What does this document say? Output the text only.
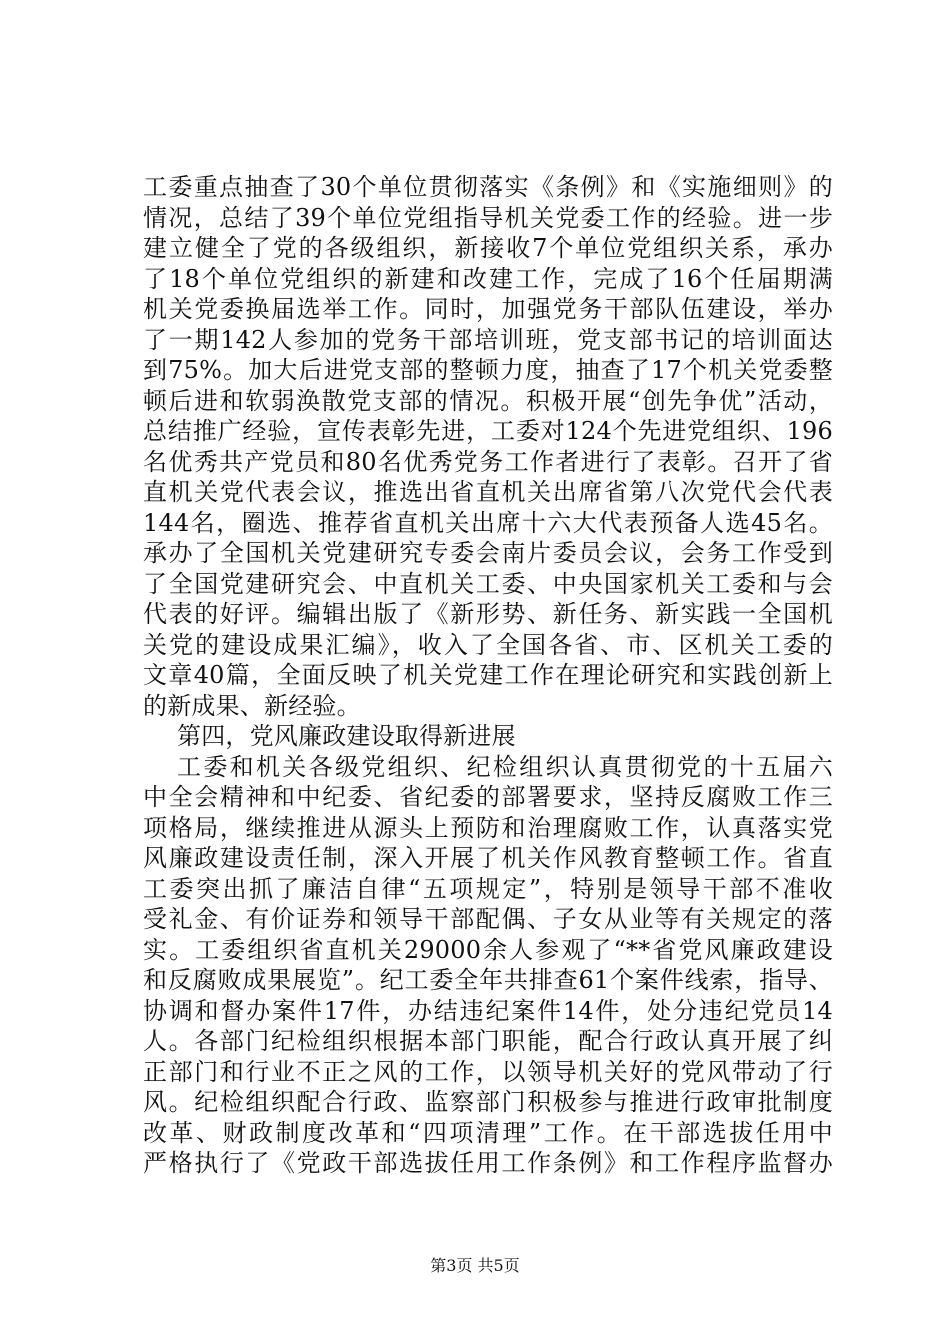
工委重点抽查了30个单位贯彻落实《条例》和《实施细则》的
情况，总结了39个单位党组指导机关党委工作的经验。进一步
建立健全了党的各级组织，新接收7个单位党组织关系，承办
了18个单位党组织的新建和改建工作，完成了16个任届期满
机关党委换届选举工作。同时，加强党务干部队伍建设，举办
了一期142人参加的党务干部培训班，党支部书记的培训面达
到75%。加大后进党支部的整顿力度，抽查了17个机关党委整
顿后进和软弱涣散党支部的情况。积极开展“创先争优”活动，
总结推广经验，宣传表彰先进，工委对124个先进党组织、196
名优秀共产党员和80名优秀党务工作者进行了表彰。召开了省
直机关党代表会议，推选出省直机关出席省第八次党代会代表
144名，圈选、推荐省直机关出席十六大代表预备人选45名。
承办了全国机关党建研究专委会南片委员会议，会务工作受到
了全国党建研究会、中直机关工委、中央国家机关工委和与会
代表的好评。编辑出版了《新形势、新任务、新实践一全国机
关党的建设成果汇编》，收入了全国各省、市、区机关工委的
文章40篇，全面反映了机关党建工作在理论研究和实践创新上
的新成果、新经验。
第四，党风廉政建设取得新进展
工委和机关各级党组织、纪检组织认真贯彻党的十五届六
中全会精神和中纪委、省纪委的部署要求，坚持反腐败工作三
项格局，继续推进从源头上预防和治理腐败工作，认真落实党
风廉政建设责任制，深入开展了机关作风教育整顿工作。省直
工委突出抓了廉洁自律“五项规定”，特别是领导干部不准收
受礼金、有价证券和领导干部配偶、子女从业等有关规定的落
实。工委组织省直机关29000余人参观了“**省党风廉政建设
和反腐败成果展览”。纪工委全年共排查61个案件线索，指导、
协调和督办案件17件，办结违纪案件14件，处分违纪党员14
人。各部门纪检组织根据本部门职能，配合行政认真开展了纠
正部门和行业不正之风的工作，以领导机关好的党风带动了行
风。纪检组织配合行政、监察部门积极参与推进行政审批制度
改革、财政制度改革和“四项清理”工作。在干部选拔任用中
严格执行了《党政干部选拔任用工作条例》和工作程序监督办
第3页 共5页
